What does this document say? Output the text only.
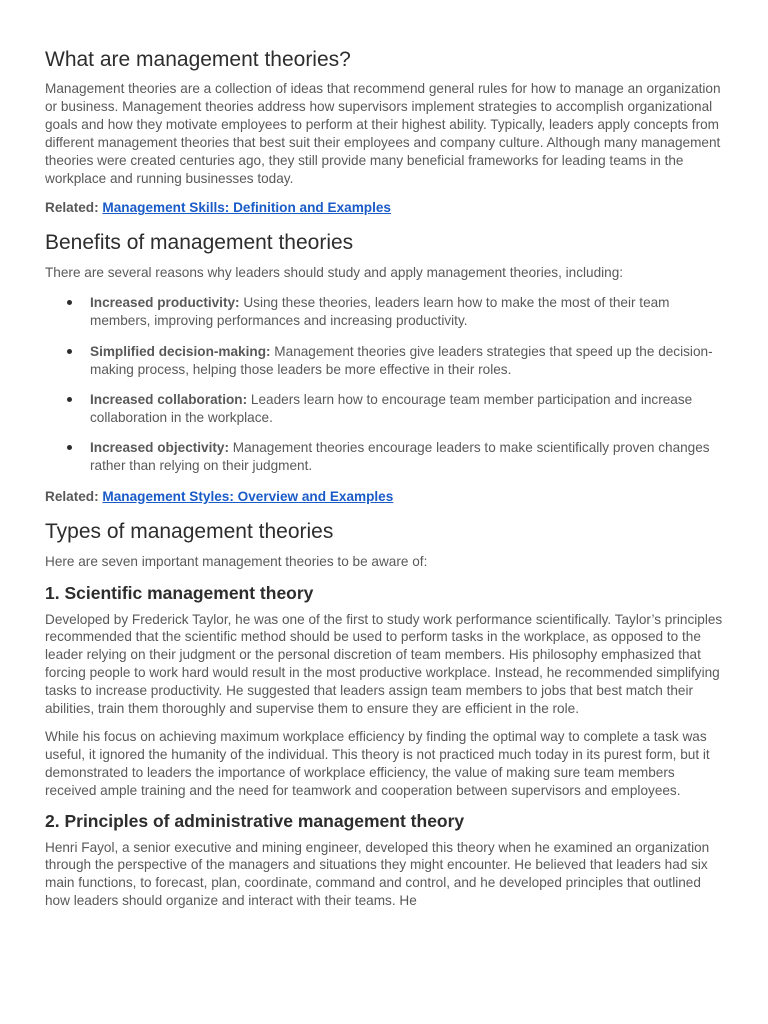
What are management theories?

Management theories are a collection of ideas that recommend general rules for how to manage an organization or business. Management theories address how supervisors implement strategies to accomplish organizational goals and how they motivate employees to perform at their highest ability. Typically, leaders apply concepts from different management theories that best suit their employees and company culture. Although many management theories were created centuries ago, they still provide many beneficial frameworks for leading teams in the workplace and running businesses today.

Related: Management Skills: Definition and Examples
Benefits of management theories

There are several reasons why leaders should study and apply management theories, including:

Increased productivity: Using these theories, leaders learn how to make the most of their team members, improving performances and increasing productivity.
Simplified decision-making: Management theories give leaders strategies that speed up the decision-making process, helping those leaders be more effective in their roles.
Increased collaboration: Leaders learn how to encourage team member participation and increase collaboration in the workplace.
Increased objectivity: Management theories encourage leaders to make scientifically proven changes rather than relying on their judgment.
Related: Management Styles: Overview and Examples
Types of management theories

Here are seven important management theories to be aware of:

1. Scientific management theory

Developed by Frederick Taylor, he was one of the first to study work performance scientifically. Taylor’s principles recommended that the scientific method should be used to perform tasks in the workplace, as opposed to the leader relying on their judgment or the personal discretion of team members. His philosophy emphasized that forcing people to work hard would result in the most productive workplace. Instead, he recommended simplifying tasks to increase productivity. He suggested that leaders assign team members to jobs that best match their abilities, train them thoroughly and supervise them to ensure they are efficient in the role.

While his focus on achieving maximum workplace efficiency by finding the optimal way to complete a task was useful, it ignored the humanity of the individual. This theory is not practiced much today in its purest form, but it demonstrated to leaders the importance of workplace efficiency, the value of making sure team members received ample training and the need for teamwork and cooperation between supervisors and employees.

2. Principles of administrative management theory

Henri Fayol, a senior executive and mining engineer, developed this theory when he examined an organization through the perspective of the managers and situations they might encounter. He believed that leaders had six main functions, to forecast, plan, coordinate, command and control, and he developed principles that outlined how leaders should organize and interact with their teams. He
